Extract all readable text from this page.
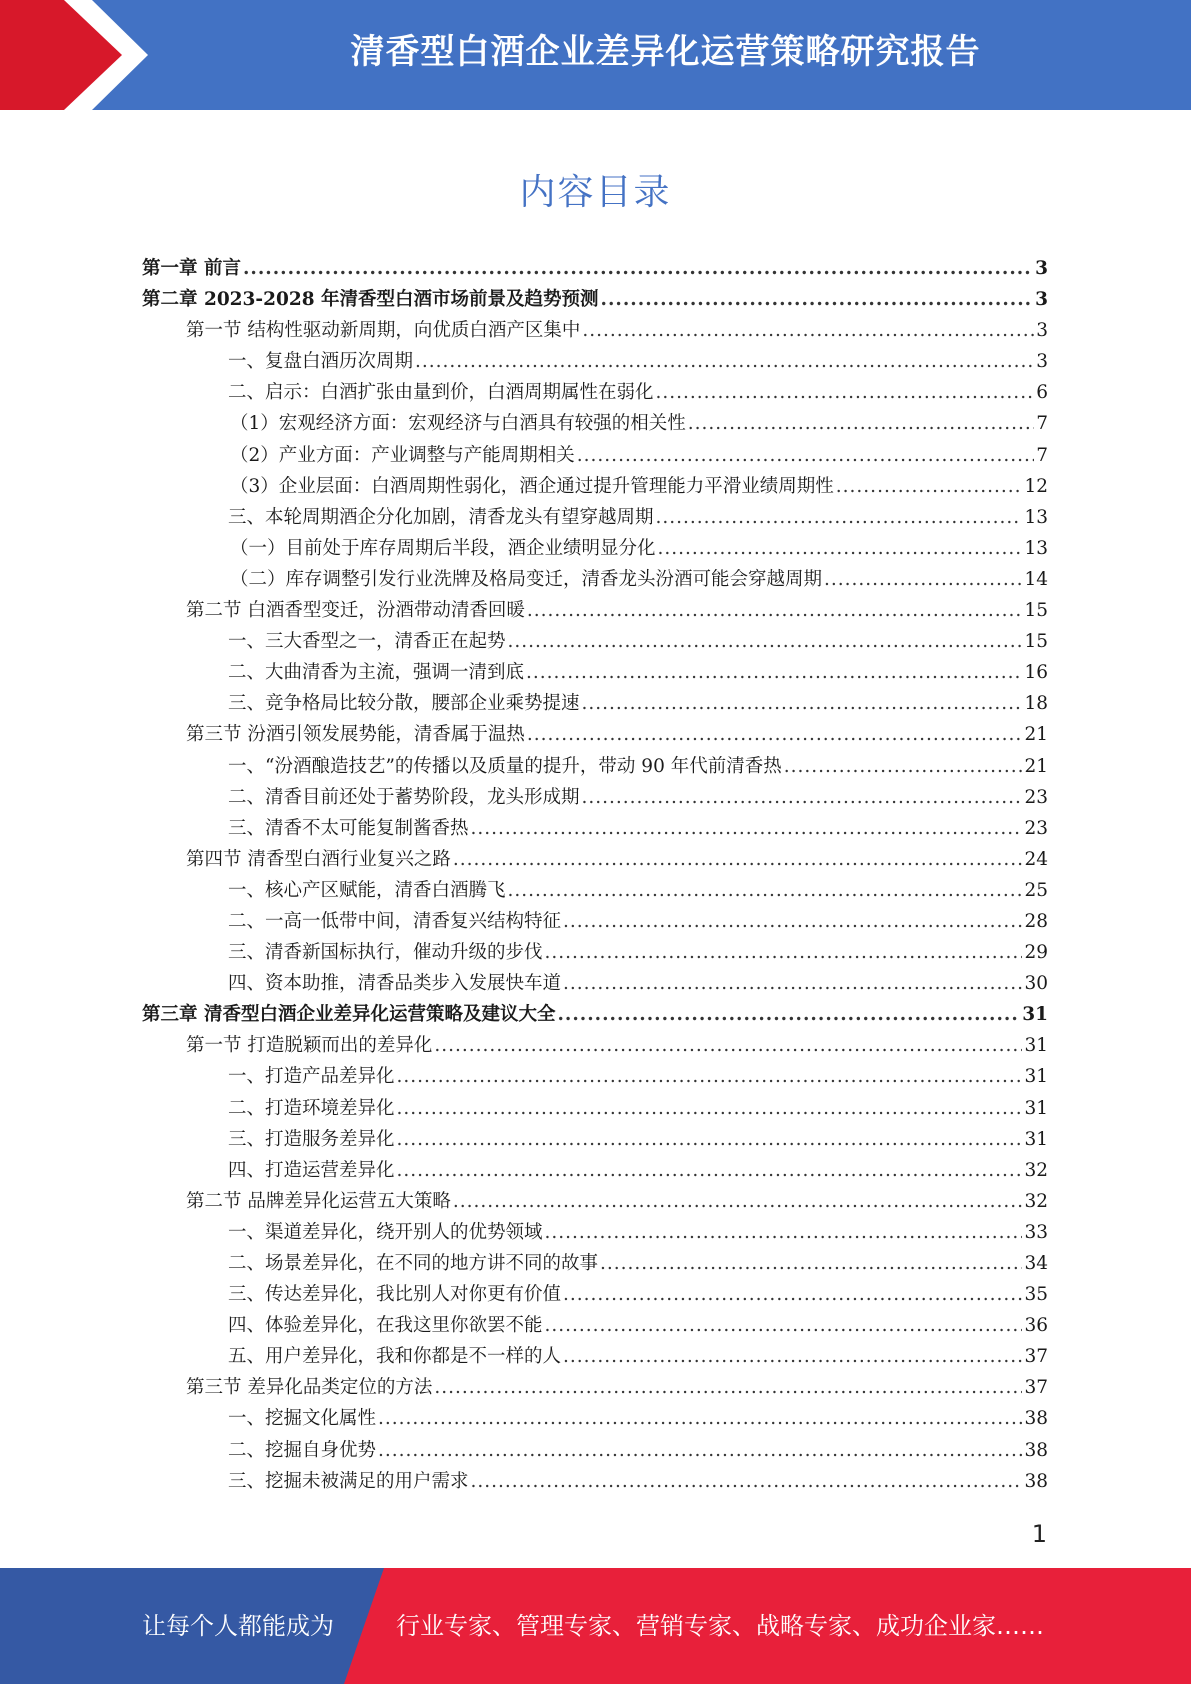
清香型白酒企业差异化运营策略研究报告
内容目录
第一章 前言 .....	3
第二章 2023-2028 年清香型白酒市场前景及趋势预测 .....	3
第一节 结构性驱动新周期，向优质白酒产区集中 .....	3
一、复盘白酒历次周期 .....	3
二、启示：白酒扩张由量到价，白酒周期属性在弱化 .....	6
（1）宏观经济方面：宏观经济与白酒具有较强的相关性 .....	7
（2）产业方面：产业调整与产能周期相关 .....	7
（3）企业层面：白酒周期性弱化，酒企通过提升管理能力平滑业绩周期性 .....	12
三、本轮周期酒企分化加剧，清香龙头有望穿越周期 .....	13
（一）目前处于库存周期后半段，酒企业绩明显分化 .....	13
（二）库存调整引发行业洗牌及格局变迁，清香龙头汾酒可能会穿越周期 .....	14
第二节 白酒香型变迁，汾酒带动清香回暖 .....	15
一、三大香型之一，清香正在起势 .....	15
二、大曲清香为主流，强调一清到底 .....	16
三、竞争格局比较分散，腰部企业乘势提速 .....	18
第三节 汾酒引领发展势能，清香属于温热 .....	21
一、“汾酒酿造技艺”的传播以及质量的提升，带动 90 年代前清香热 .....	21
二、清香目前还处于蓄势阶段，龙头形成期 .....	23
三、清香不太可能复制酱香热 .....	23
第四节 清香型白酒行业复兴之路 .....	24
一、核心产区赋能，清香白酒腾飞 .....	25
二、一高一低带中间，清香复兴结构特征 .....	28
三、清香新国标执行，催动升级的步伐 .....	29
四、资本助推，清香品类步入发展快车道 .....	30
第三章 清香型白酒企业差异化运营策略及建议大全 .....	31
第一节 打造脱颖而出的差异化 .....	31
一、打造产品差异化 .....	31
二、打造环境差异化 .....	31
三、打造服务差异化 .....	31
四、打造运营差异化 .....	32
第二节 品牌差异化运营五大策略 .....	32
一、渠道差异化，绕开别人的优势领域 .....	33
二、场景差异化，在不同的地方讲不同的故事 .....	34
三、传达差异化，我比别人对你更有价值 .....	35
四、体验差异化，在我这里你欲罢不能 .....	36
五、用户差异化，我和你都是不一样的人 .....	37
第三节 差异化品类定位的方法 .....	37
一、挖掘文化属性 .....	38
二、挖掘自身优势 .....	38
三、挖掘未被满足的用户需求 .....	38
1
让每个人都能成为	行业专家、管理专家、营销专家、战略专家、成功企业家……
